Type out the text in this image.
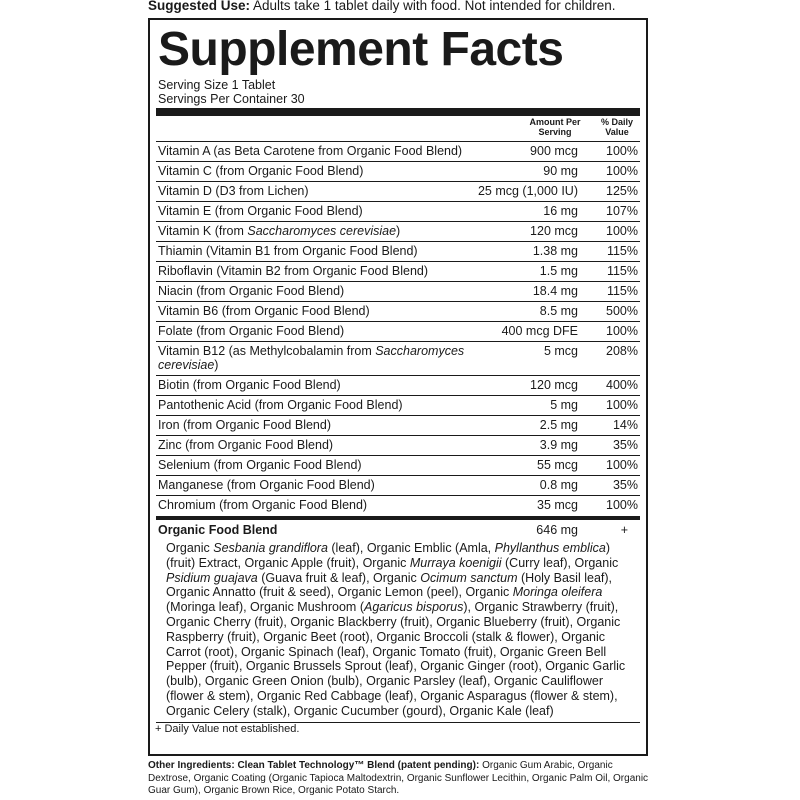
Suggested Use: Adults take 1 tablet daily with food. Not intended for children.
Supplement Facts
Serving Size 1 Tablet
Servings Per Container 30
Amount Per
Serving
% Daily
Value
Vitamin A (as Beta Carotene from Organic Food Blend)	900 mcg	100%
Vitamin C (from Organic Food Blend)	90 mg	100%
Vitamin D (D3 from Lichen)	25 mcg (1,000 IU)	125%
Vitamin E (from Organic Food Blend)	16 mg	107%
Vitamin K (from Saccharomyces cerevisiae)	120 mcg	100%
Thiamin (Vitamin B1 from Organic Food Blend)	1.38 mg	115%
Riboflavin (Vitamin B2 from Organic Food Blend)	1.5 mg	115%
Niacin (from Organic Food Blend)	18.4 mg	115%
Vitamin B6 (from Organic Food Blend)	8.5 mg	500%
Folate (from Organic Food Blend)	400 mcg DFE	100%
Vitamin B12 (as Methylcobalamin from Saccharomyces cerevisiae)
5 mcg	208%
Biotin (from Organic Food Blend)	120 mcg	400%
Pantothenic Acid (from Organic Food Blend)	5 mg	100%
Iron (from Organic Food Blend)	2.5 mg	14%
Zinc (from Organic Food Blend)	3.9 mg	35%
Selenium (from Organic Food Blend)	55 mcg	100%
Manganese (from Organic Food Blend)	0.8 mg	35%
Chromium (from Organic Food Blend)	35 mcg	100%
Organic Food Blend	646 mg	+
Organic Sesbania grandiflora (leaf), Organic Emblic (Amla, Phyllanthus emblica) (fruit) Extract, Organic Apple (fruit), Organic Murraya koenigii (Curry leaf), Organic Psidium guajava (Guava fruit & leaf), Organic Ocimum sanctum (Holy Basil leaf), Organic Annatto (fruit & seed), Organic Lemon (peel), Organic Moringa oleifera (Moringa leaf), Organic Mushroom (Agaricus bisporus), Organic Strawberry (fruit), Organic Cherry (fruit), Organic Blackberry (fruit), Organic Blueberry (fruit), Organic Raspberry (fruit), Organic Beet (root), Organic Broccoli (stalk & flower), Organic Carrot (root), Organic Spinach (leaf), Organic Tomato (fruit), Organic Green Bell Pepper (fruit), Organic Brussels Sprout (leaf), Organic Ginger (root), Organic Garlic (bulb), Organic Green Onion (bulb), Organic Parsley (leaf), Organic Cauliflower (flower & stem), Organic Red Cabbage (leaf), Organic Asparagus (flower & stem), Organic Celery (stalk), Organic Cucumber (gourd), Organic Kale (leaf)
+ Daily Value not established.
Other Ingredients: Clean Tablet Technology™ Blend (patent pending): Organic Gum Arabic, Organic Dextrose, Organic Coating (Organic Tapioca Maltodextrin, Organic Sunflower Lecithin, Organic Palm Oil, Organic Guar Gum), Organic Brown Rice, Organic Potato Starch.
